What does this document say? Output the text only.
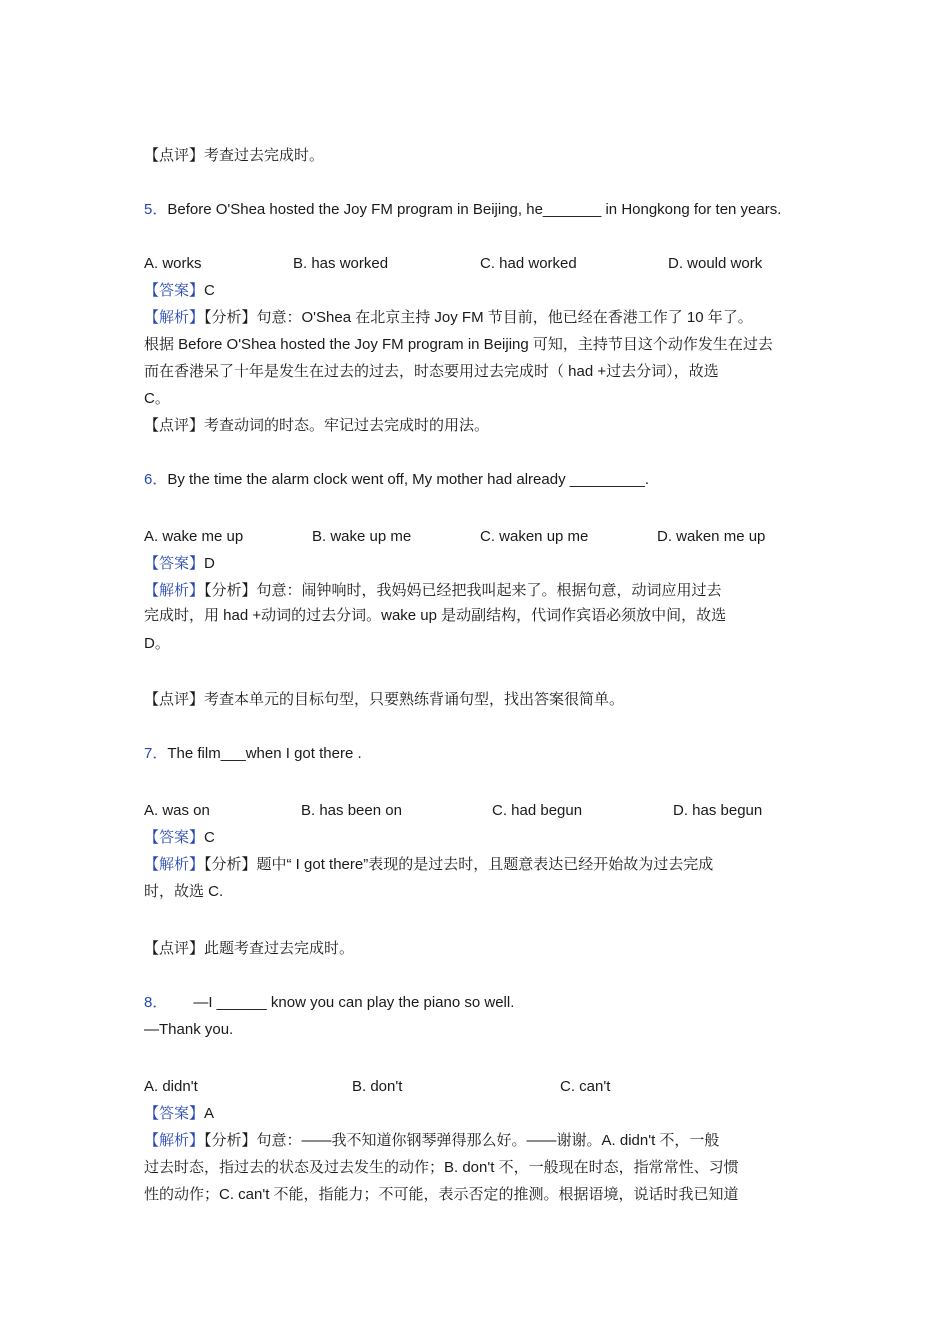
【点评】考查过去完成时。
5．Before O'Shea hosted the Joy FM program in Beijing, he_______ in Hongkong for ten years.
A. works	B. has worked	C. had worked	D. would work
【答案】C
【解析】【分析】句意：O'Shea 在北京主持 Joy FM 节目前，他已经在香港工作了 10 年了。
根据 Before O'Shea hosted the Joy FM program in Beijing 可知，主持节目这个动作发生在过去
而在香港呆了十年是发生在过去的过去，时态要用过去完成时（ had +过去分词），故选
C。
【点评】考查动词的时态。牢记过去完成时的用法。
6．By the time the alarm clock went off, My mother had already _________.
A. wake me up	B. wake up me	C. waken up me	D. waken me up
【答案】D
【解析】【分析】句意：闹钟响时，我妈妈已经把我叫起来了。根据句意，动词应用过去
完成时，用 had +动词的过去分词。wake up 是动副结构，代词作宾语必须放中间，故选
D。
【点评】考查本单元的目标句型，只要熟练背诵句型，找出答案很简单。
7．The film___when I got there .
A. was on	B. has been on	C. had begun	D. has begun
【答案】C
【解析】【分析】题中“ I got there”表现的是过去时，且题意表达已经开始故为过去完成
时，故选 C.
【点评】此题考查过去完成时。
8． —I ______ know you can play the piano so well.
—Thank you.
A. didn't	B. don't	C. can't
【答案】A
【解析】【分析】句意：——我不知道你钢琴弹得那么好。——谢谢。A. didn't 不，一般
过去时态，指过去的状态及过去发生的动作；B. don't 不，一般现在时态，指常常性、习惯
性的动作；C. can't 不能，指能力；不可能，表示否定的推测。根据语境，说话时我已知道
